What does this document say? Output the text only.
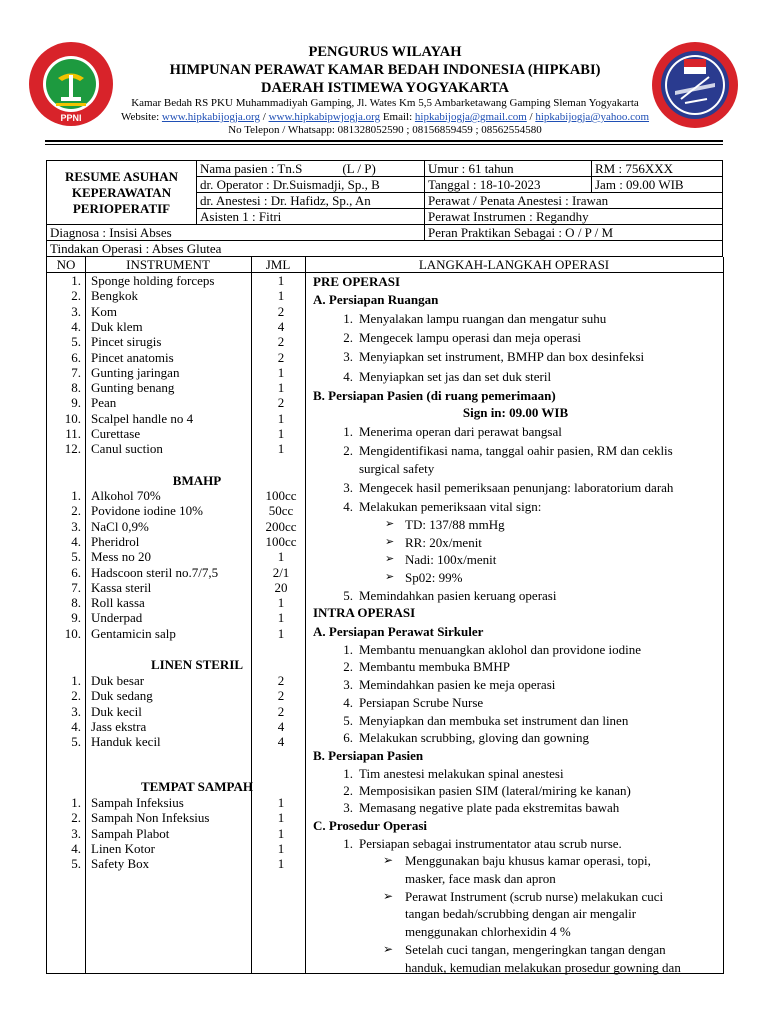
PPNI
PENGURUS WILAYAH
HIMPUNAN PERAWAT KAMAR BEDAH INDONESIA (HIPKABI)
DAERAH ISTIMEWA YOGYAKARTA
Kamar Bedah RS PKU Muhammadiyah Gamping, Jl. Wates Km 5,5 Ambarketawang Gamping Sleman Yogyakarta
Website: www.hipkabijogja.org / www.hipkabipwjogja.org Email: hipkabijogja@gmail.com / hipkabijogja@yahoo.com
No Telepon / Whatsapp: 081328052590 ; 08156859459 ; 08562554580
RESUME ASUHAN KEPERAWATAN PERIOPERATIF	Nama pasien : Tn.S (L / P)	Umur : 61 tahun	RM : 756XXX
	dr. Operator : Dr.Suismadji, Sp., B	Tanggal : 18-10-2023	Jam : 09.00 WIB
	dr. Anestesi : Dr. Hafidz, Sp., An	Perawat / Penata Anestesi : Irawan	
	Asisten 1 : Fitri	Perawat Instrumen : Regandhy	
Diagnosa : Insisi Abses		Peran Praktikan Sebagai : O / P / M	
Tindakan Operasi : Abses Glutea			
NO	INSTRUMENT	JML	LANGKAH-LANGKAH OPERASI
1. Sponge holding forceps	1
2. Bengkok	1
3. Kom	2
4. Duk klem	4
5. Pincet sirugis	2
6. Pincet anatomis	2
7. Gunting jaringan	1
8. Gunting benang	1
9. Pean	2
10. Scalpel handle no 4	1
11. Curettase	1
12. Canul suction	1
BMAHP
1. Alkohol 70%	100cc
2. Povidone iodine 10%	50cc
3. NaCl 0,9%	200cc
4. Pheridrol	100cc
5. Mess no 20	1
6. Hadscoon steril no.7/7,5	2/1
7. Kassa steril	20
8. Roll kassa	1
9. Underpad	1
10. Gentamicin salp	1
LINEN STERIL
1. Duk besar	2
2. Duk sedang	2
3. Duk kecil	2
4. Jass ekstra	4
5. Handuk kecil	4
TEMPAT SAMPAH
1. Sampah Infeksius	1
2. Sampah Non Infeksius	1
3. Sampah Plabot	1
4. Linen Kotor	1
5. Safety Box	1
PRE OPERASI
A. Persiapan Ruangan
1. Menyalakan lampu ruangan dan mengatur suhu
2. Mengecek lampu operasi dan meja operasi
3. Menyiapkan set instrument, BMHP dan box desinfeksi
4. Menyiapkan set jas dan set duk steril
B. Persiapan Pasien (di ruang pemerimaan)
Sign in: 09.00 WIB
1. Menerima operan dari perawat bangsal
2. Mengidentifikasi nama, tanggal oahir pasien, RM dan ceklis
surgical safety
3. Mengecek hasil pemeriksaan penunjang: laboratorium darah
4. Melakukan pemeriksaan vital sign:
➢ TD: 137/88 mmHg
➢ RR: 20x/menit
➢ Nadi: 100x/menit
➢ Sp02: 99%
5. Memindahkan pasien keruang operasi
INTRA OPERASI
A. Persiapan Perawat Sirkuler
1. Membantu menuangkan aklohol dan providone iodine
2. Membantu membuka BMHP
3. Memindahkan pasien ke meja operasi
4. Persiapan Scrube Nurse
5. Menyiapkan dan membuka set instrument dan linen
6. Melakukan scrubbing, gloving dan gowning
B. Persiapan Pasien
1. Tim anestesi melakukan spinal anestesi
2. Memposisikan pasien SIM (lateral/miring ke kanan)
3. Memasang negative plate pada ekstremitas bawah
C. Prosedur Operasi
1. Persiapan sebagai instrumentator atau scrub nurse.
➢ Menggunakan baju khusus kamar operasi, topi,
masker, face mask dan apron
➢ Perawat Instrument (scrub nurse) melakukan cuci
tangan bedah/scrubbing dengan air mengalir
menggunakan chlorhexidin 4 %
➢ Setelah cuci tangan, mengeringkan tangan dengan
handuk, kemudian melakukan prosedur gowning dan
